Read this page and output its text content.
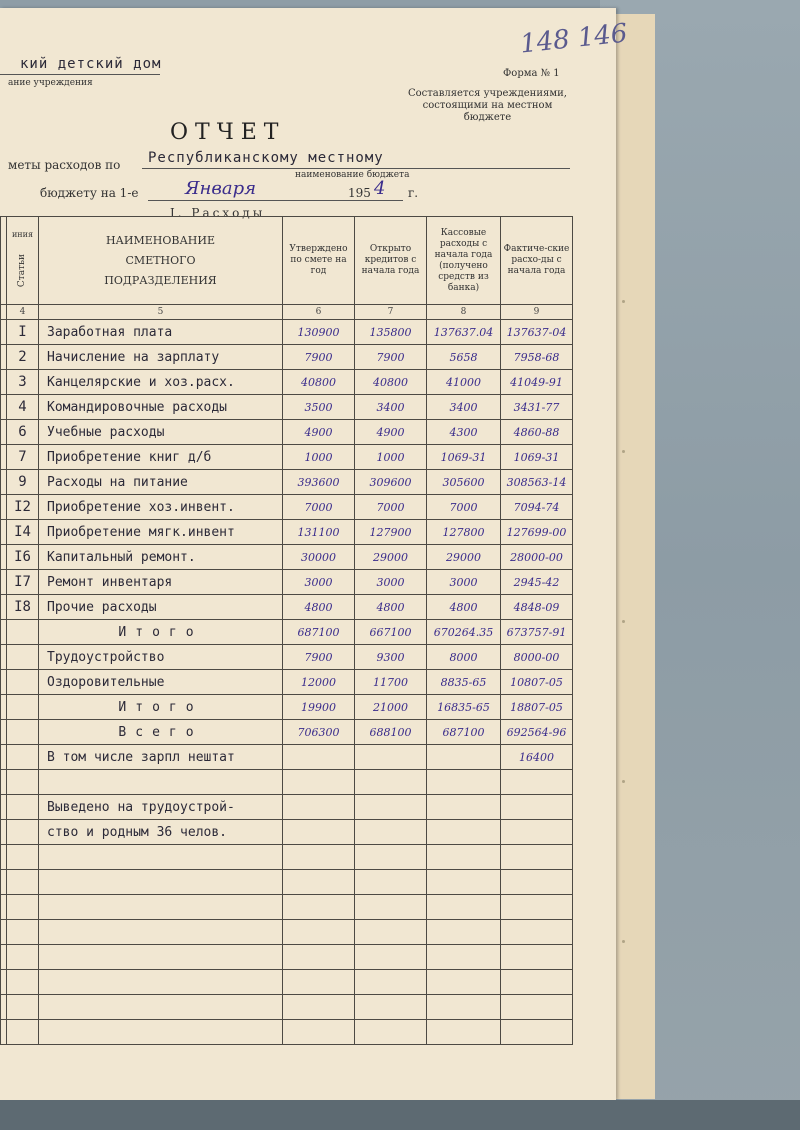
кий детский дом
ание учреждения
148 146
Форма № 1
Составляется учреждениями,
состоящими на местном
бюджете
ОТЧЕТ
меты расходов по Республиканскому местному
наименование бюджета
бюджету на 1-е	Января	195 4 г.
I. Расходы

	иния
Статьи	НАИМЕНОВАНИЕ СМЕТНОГО ПОДРАЗДЕЛЕНИЯ	Утверждено по смете на год	Открыто кредитов с начала года	Кассовые расходы с начала года (получено средств из банка)	Фактиче-ские расхо-ды с начала года
	4	5	6	7	8	9
	I	Заработная плата	130900	135800	137637.04	137637-04
	2	Начисление на зарплату	7900	7900	5658	7958-68
	3	Канцелярские и хоз.расх.	40800	40800	41000	41049-91
	4	Командировочные расходы	3500	3400	3400	3431-77
	6	Учебные расходы	4900	4900	4300	4860-88
	7	Приобретение книг д/б	1000	1000	1069-31	1069-31
	9	Расходы на питание	393600	309600	305600	308563-14
	I2	Приобретение хоз.инвент.	7000	7000	7000	7094-74
	I4	Приобретение мягк.инвент	131100	127900	127800	127699-00
	I6	Капитальный ремонт.	30000	29000	29000	28000-00
	I7	Ремонт инвентаря	3000	3000	3000	2945-42
	I8	Прочие расходы	4800	4800	4800	4848-09
		Итого	687100	667100	670264.35	673757-91
		Трудоустройство	7900	9300	8000	8000-00
		Оздоровительные	12000	11700	8835-65	10807-05
		Итого	19900	21000	16835-65	18807-05
		Всего	706300	688100	687100	692564-96
		В том числе зарпл нештат				16400

		Выведено на трудоустрой-				
		ство и родным 36 челов.				
